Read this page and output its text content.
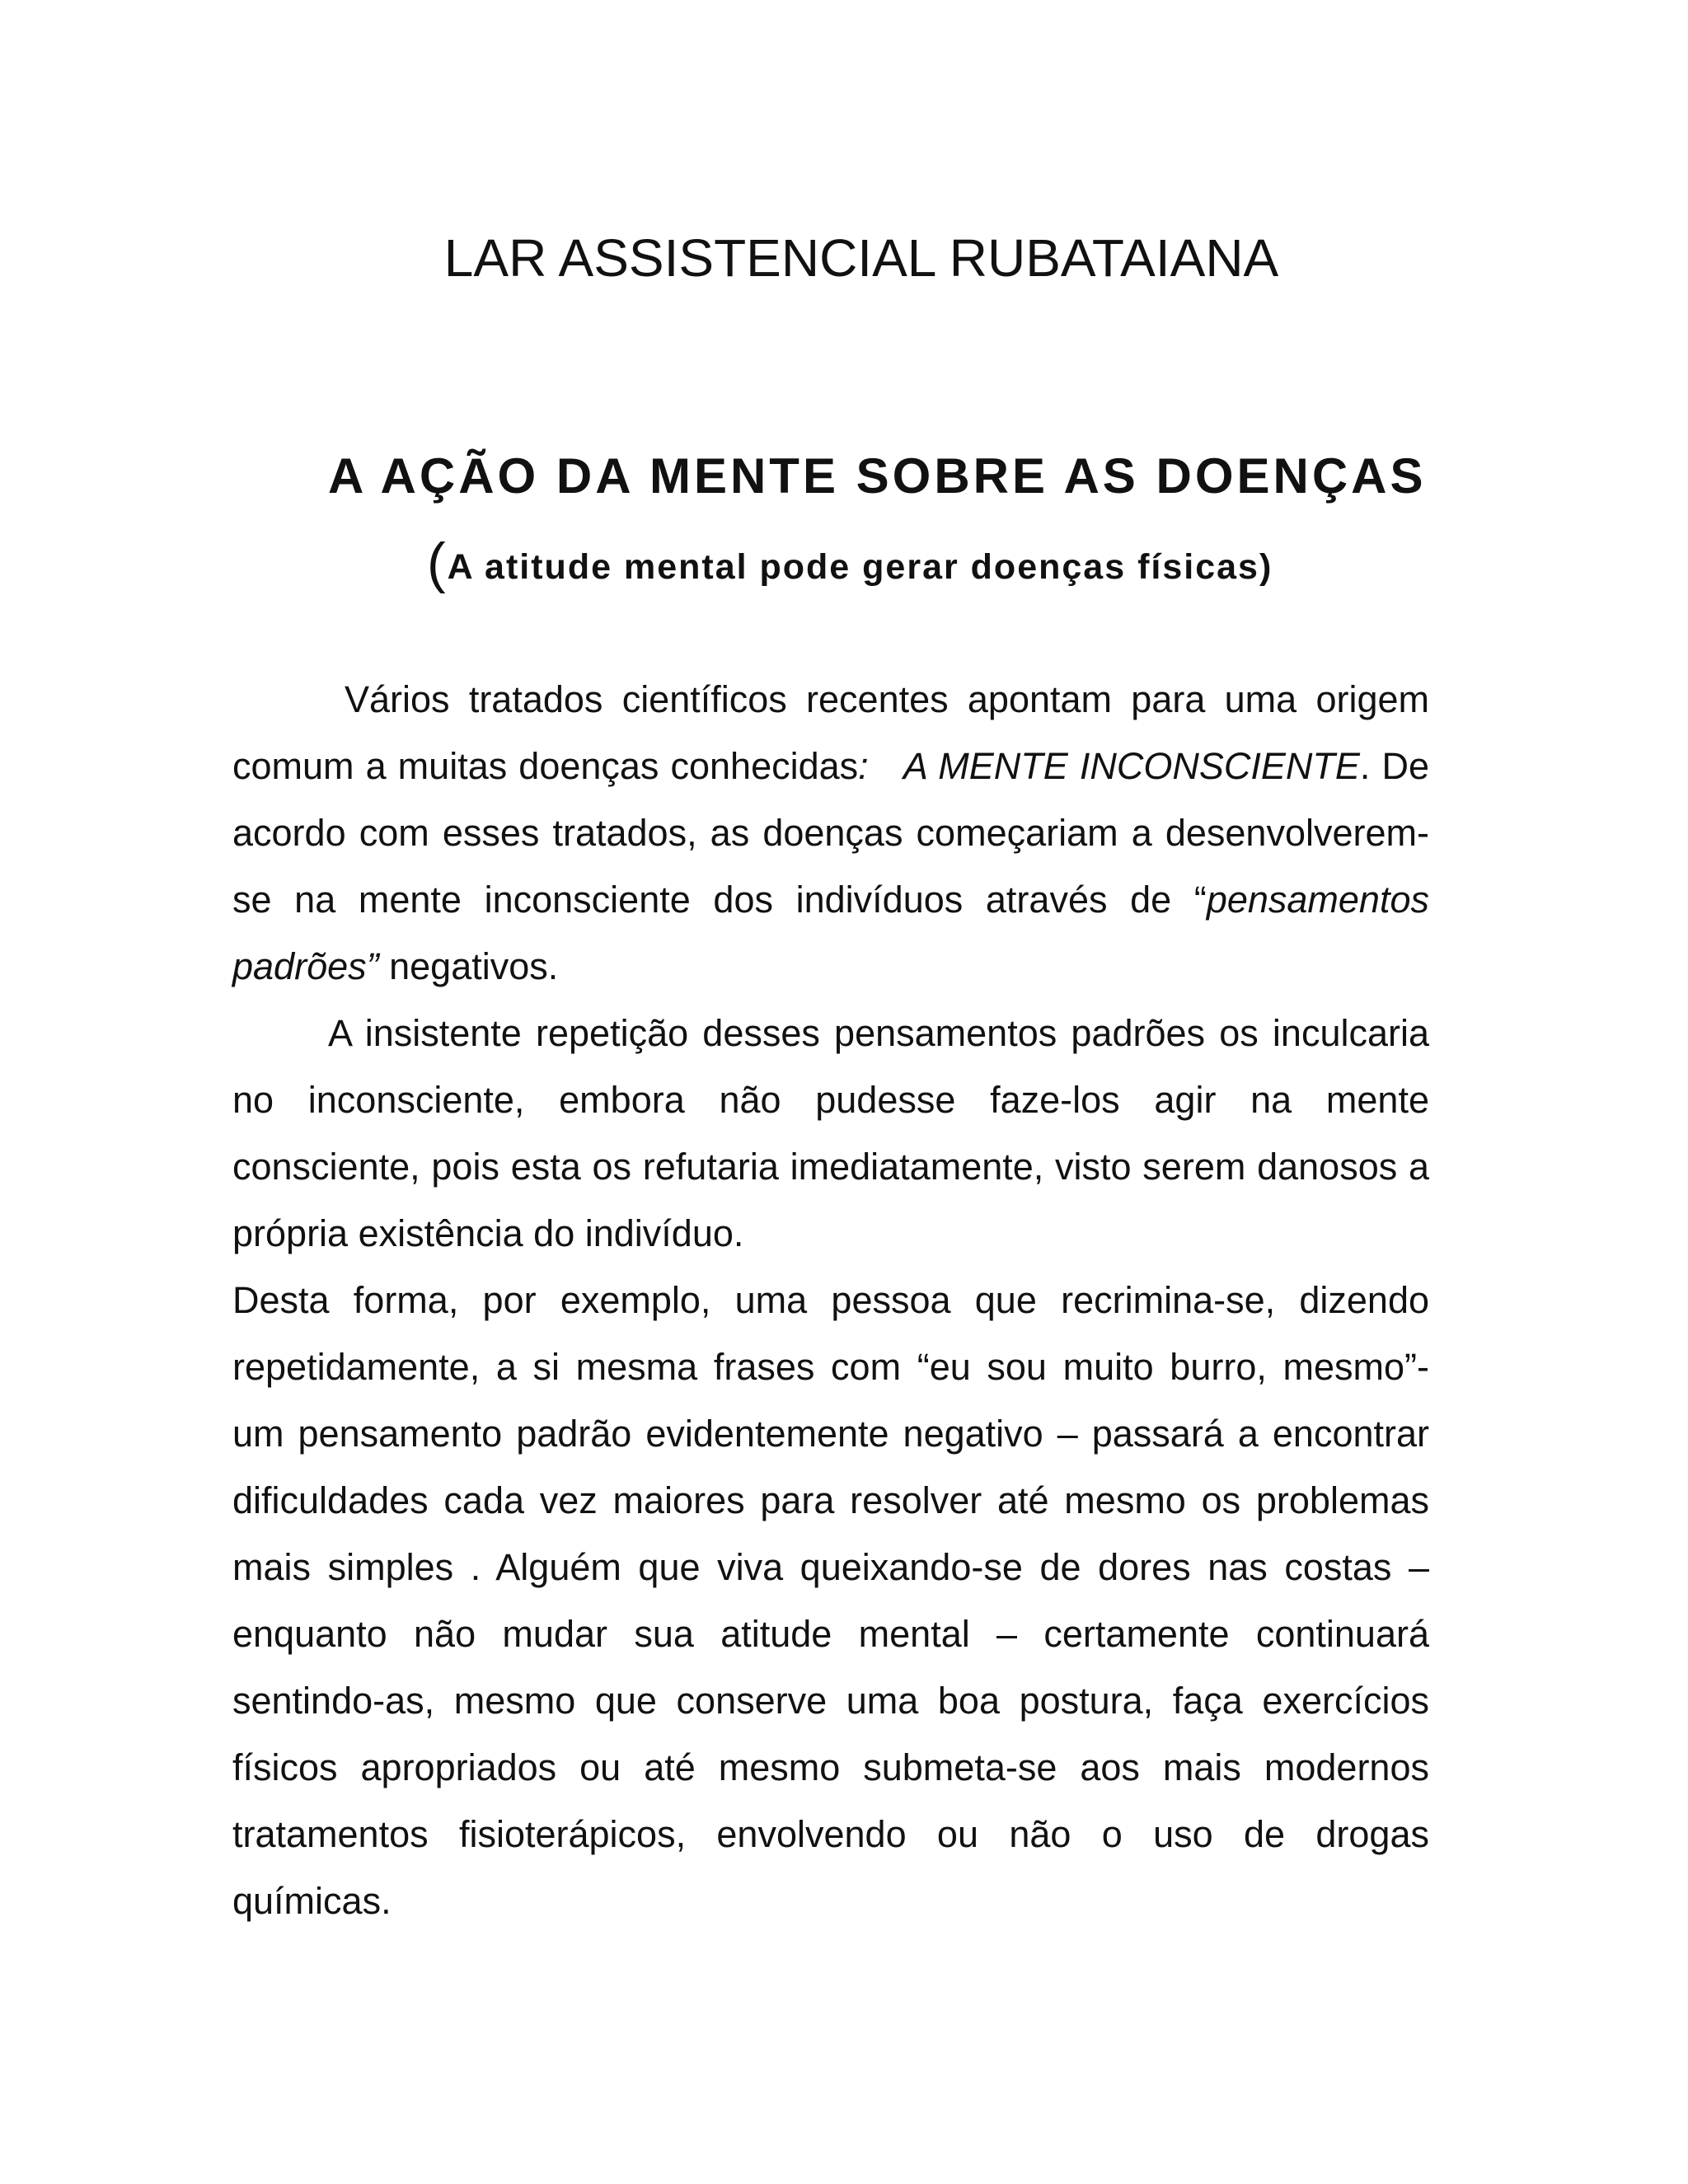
LAR ASSISTENCIAL RUBATAIANA
A AÇÃO DA MENTE SOBRE AS DOENÇAS

(A atitude mental pode gerar doenças físicas)

Vários tratados científicos recentes apontam para uma origem comum a muitas doenças conhecidas: A MENTE INCONSCIENTE. De acordo com esses tratados, as doenças começariam a desenvolverem-se na mente inconsciente dos indivíduos através de “pensamentos padrões” negativos.

A insistente repetição desses pensamentos padrões os inculcaria no inconsciente, embora não pudesse faze-los agir na mente consciente, pois esta os refutaria imediatamente, visto serem danosos a própria existência do indivíduo.

Desta forma, por exemplo, uma pessoa que recrimina-se, dizendo repetidamente, a si mesma frases com “eu sou muito burro, mesmo”- um pensamento padrão evidentemente negativo – passará a encontrar dificuldades cada vez maiores para resolver até mesmo os problemas mais simples . Alguém que viva queixando-se de dores nas costas – enquanto não mudar sua atitude mental – certamente continuará sentindo-as, mesmo que conserve uma boa postura, faça exercícios físicos apropriados ou até mesmo submeta-se aos mais modernos tratamentos fisioterápicos, envolvendo ou não o uso de drogas químicas.
